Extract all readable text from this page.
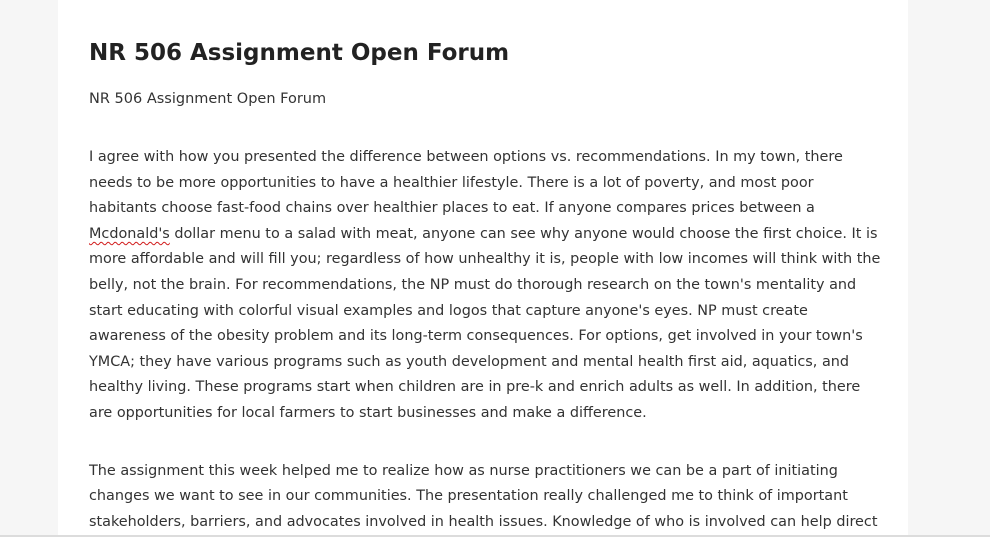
NR 506 Assignment Open Forum

NR 506 Assignment Open Forum

I agree with how you presented the difference between options vs. recommendations. In my town, there needs to be more opportunities to have a healthier lifestyle. There is a lot of poverty, and most poor habitants choose fast-food chains over healthier places to eat. If anyone compares prices between a Mcdonald's dollar menu to a salad with meat, anyone can see why anyone would choose the first choice. It is more affordable and will fill you; regardless of how unhealthy it is, people with low incomes will think with the belly, not the brain. For recommendations, the NP must do thorough research on the town's mentality and start educating with colorful visual examples and logos that capture anyone's eyes. NP must create awareness of the obesity problem and its long-term consequences. For options, get involved in your town's YMCA; they have various programs such as youth development and mental health first aid, aquatics, and healthy living. These programs start when children are in pre-k and enrich adults as well. In addition, there are opportunities for local farmers to start businesses and make a difference.

The assignment this week helped me to realize how as nurse practitioners we can be a part of initiating changes we want to see in our communities. The presentation really challenged me to think of important stakeholders, barriers, and advocates involved in health issues. Knowledge of who is involved can help direct
